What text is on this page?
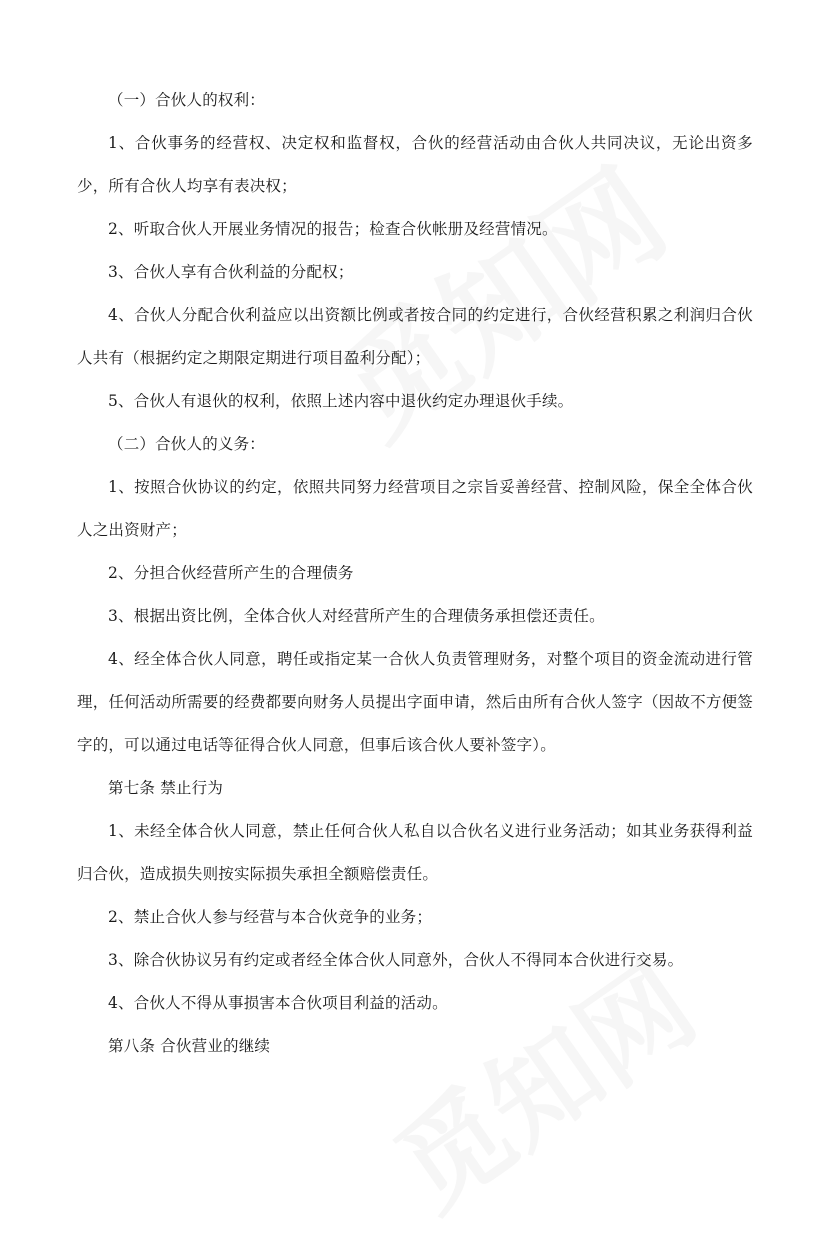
（一）合伙人的权利：

1、合伙事务的经营权、决定权和监督权，合伙的经营活动由合伙人共同决议，无论出资多少，所有合伙人均享有表决权；

2、听取合伙人开展业务情况的报告；检查合伙帐册及经营情况。

3、合伙人享有合伙利益的分配权；

4、合伙人分配合伙利益应以出资额比例或者按合同的约定进行，合伙经营积累之利润归合伙人共有（根据约定之期限定期进行项目盈利分配）；

5、合伙人有退伙的权利，依照上述内容中退伙约定办理退伙手续。

（二）合伙人的义务：

1、按照合伙协议的约定，依照共同努力经营项目之宗旨妥善经营、控制风险，保全全体合伙人之出资财产；

2、分担合伙经营所产生的合理债务

3、根据出资比例，全体合伙人对经营所产生的合理债务承担偿还责任。

4、经全体合伙人同意，聘任或指定某一合伙人负责管理财务，对整个项目的资金流动进行管理，任何活动所需要的经费都要向财务人员提出字面申请，然后由所有合伙人签字（因故不方便签字的，可以通过电话等征得合伙人同意，但事后该合伙人要补签字）。

第七条 禁止行为

1、未经全体合伙人同意，禁止任何合伙人私自以合伙名义进行业务活动；如其业务获得利益归合伙，造成损失则按实际损失承担全额赔偿责任。

2、禁止合伙人参与经营与本合伙竞争的业务；

3、除合伙协议另有约定或者经全体合伙人同意外，合伙人不得同本合伙进行交易。

4、合伙人不得从事损害本合伙项目利益的活动。

第八条 合伙营业的继续
